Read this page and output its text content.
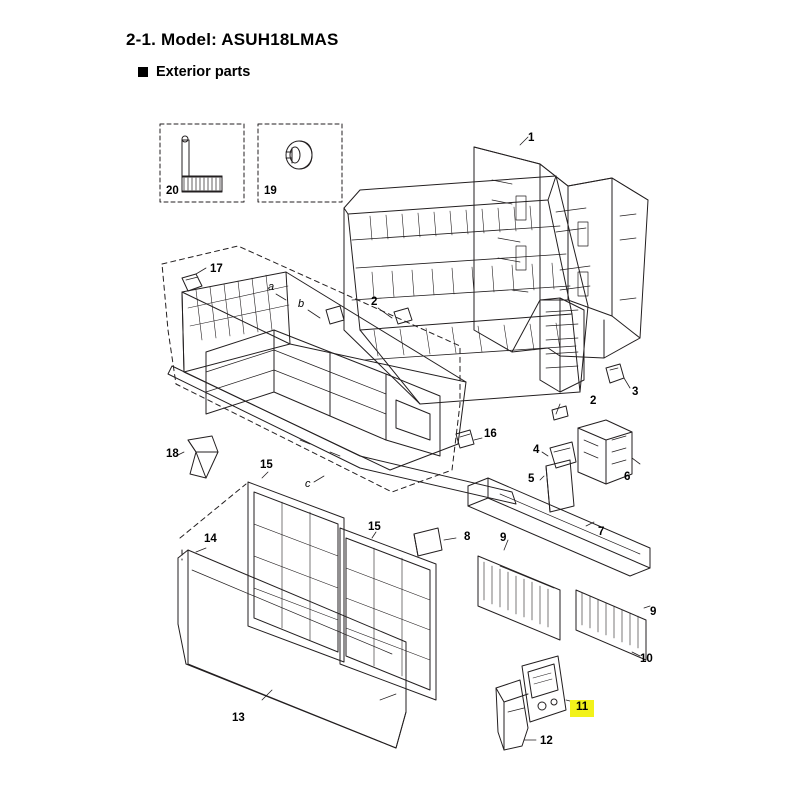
2-1. Model: ASUH18LMAS
Exterior parts
1
2
2
3
4
5	6
7
8	9
9
10
11
12
13
14
15
15
16
17
18
19
20
a
b
c
